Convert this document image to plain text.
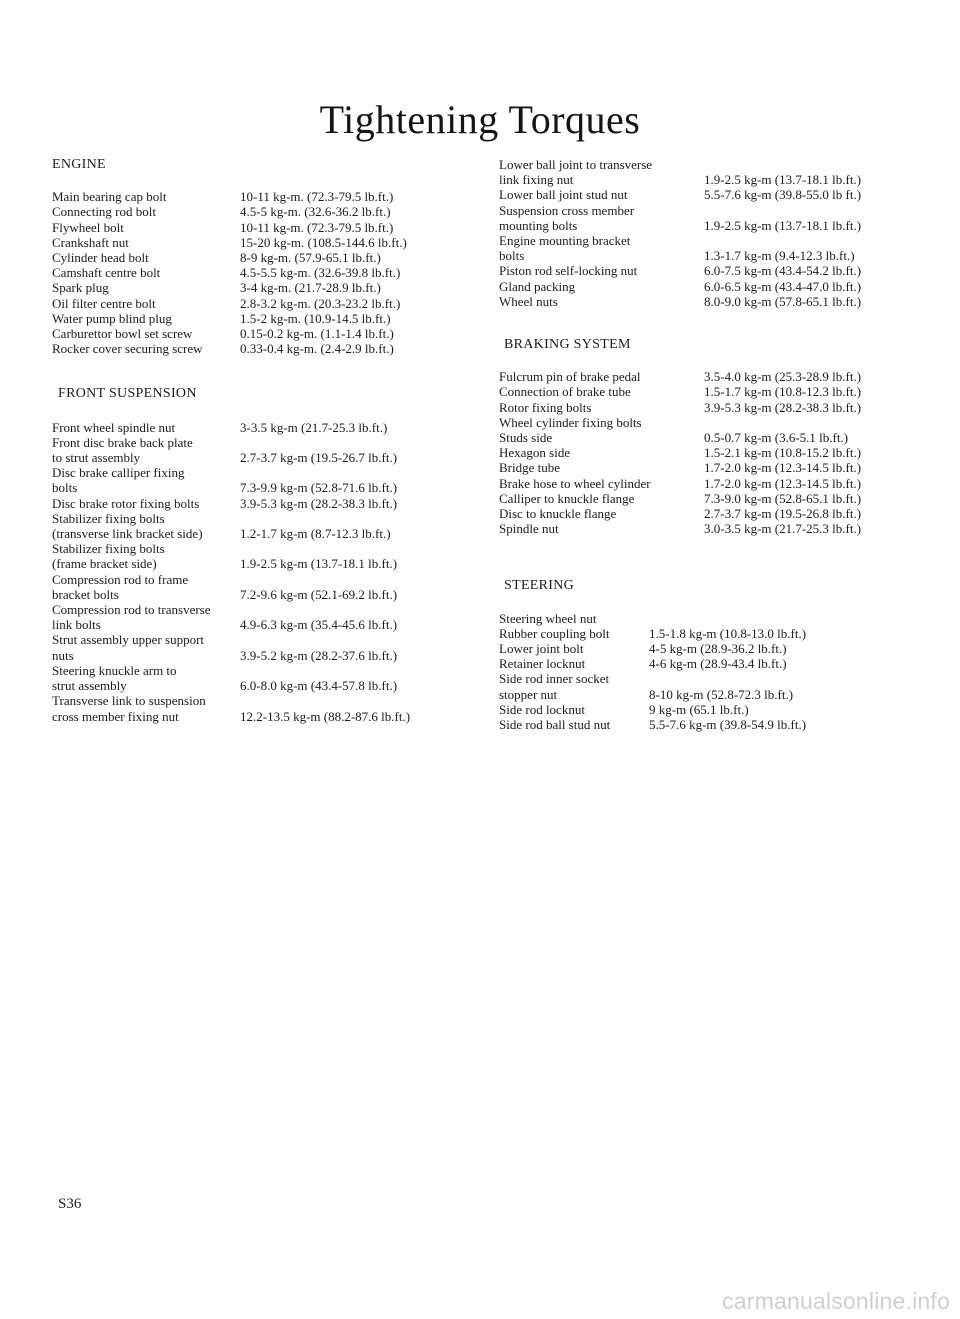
Tightening Torques
ENGINE
Main bearing cap bolt	10-11 kg-m. (72.3-79.5 lb.ft.)
Connecting rod bolt	4.5-5 kg-m. (32.6-36.2 lb.ft.)
Flywheel bolt	10-11 kg-m. (72.3-79.5 lb.ft.)
Crankshaft nut	15-20 kg-m. (108.5-144.6 lb.ft.)
Cylinder head bolt	8-9 kg-m. (57.9-65.1 lb.ft.)
Camshaft centre bolt	4.5-5.5 kg-m. (32.6-39.8 lb.ft.)
Spark plug	3-4 kg-m. (21.7-28.9 lb.ft.)
Oil filter centre bolt	2.8-3.2 kg-m. (20.3-23.2 lb.ft.)
Water pump blind plug	1.5-2 kg-m. (10.9-14.5 lb.ft.)
Carburettor bowl set screw	0.15-0.2 kg-m. (1.1-1.4 lb.ft.)
Rocker cover securing screw	0.33-0.4 kg-m. (2.4-2.9 lb.ft.)
FRONT SUSPENSION
Front wheel spindle nut	3-3.5 kg-m (21.7-25.3 lb.ft.)
Front disc brake back plate
to strut assembly	2.7-3.7 kg-m (19.5-26.7 lb.ft.)
Disc brake calliper fixing
bolts	7.3-9.9 kg-m (52.8-71.6 lb.ft.)
Disc brake rotor fixing bolts	3.9-5.3 kg-m (28.2-38.3 lb.ft.)
Stabilizer fixing bolts
(transverse link bracket side)	1.2-1.7 kg-m (8.7-12.3 lb.ft.)
Stabilizer fixing bolts
(frame bracket side)	1.9-2.5 kg-m (13.7-18.1 lb.ft.)
Compression rod to frame
bracket bolts	7.2-9.6 kg-m (52.1-69.2 lb.ft.)
Compression rod to transverse
link bolts	4.9-6.3 kg-m (35.4-45.6 lb.ft.)
Strut assembly upper support
nuts	3.9-5.2 kg-m (28.2-37.6 lb.ft.)
Steering knuckle arm to
strut assembly	6.0-8.0 kg-m (43.4-57.8 lb.ft.)
Transverse link to suspension
cross member fixing nut	12.2-13.5 kg-m (88.2-87.6 lb.ft.)
Lower ball joint to transverse
link fixing nut	1.9-2.5 kg-m (13.7-18.1 lb.ft.)
Lower ball joint stud nut	5.5-7.6 kg-m (39.8-55.0 lb ft.)
Suspension cross member
mounting bolts	1.9-2.5 kg-m (13.7-18.1 lb.ft.)
Engine mounting bracket
bolts	1.3-1.7 kg-m (9.4-12.3 lb.ft.)
Piston rod self-locking nut	6.0-7.5 kg-m (43.4-54.2 lb.ft.)
Gland packing	6.0-6.5 kg-m (43.4-47.0 lb.ft.)
Wheel nuts	8.0-9.0 kg-m (57.8-65.1 lb.ft.)
BRAKING SYSTEM
Fulcrum pin of brake pedal	3.5-4.0 kg-m (25.3-28.9 lb.ft.)
Connection of brake tube	1.5-1.7 kg-m (10.8-12.3 lb.ft.)
Rotor fixing bolts	3.9-5.3 kg-m (28.2-38.3 lb.ft.)
Wheel cylinder fixing bolts
Studs side	0.5-0.7 kg-m (3.6-5.1 lb.ft.)
Hexagon side	1.5-2.1 kg-m (10.8-15.2 lb.ft.)
Bridge tube	1.7-2.0 kg-m (12.3-14.5 lb.ft.)
Brake hose to wheel cylinder	1.7-2.0 kg-m (12.3-14.5 lb.ft.)
Calliper to knuckle flange	7.3-9.0 kg-m (52.8-65.1 lb.ft.)
Disc to knuckle flange	2.7-3.7 kg-m (19.5-26.8 lb.ft.)
Spindle nut	3.0-3.5 kg-m (21.7-25.3 lb.ft.)
STEERING
Steering wheel nut
Rubber coupling bolt	1.5-1.8 kg-m (10.8-13.0 lb.ft.)
Lower joint bolt	4-5 kg-m (28.9-36.2 lb.ft.)
Retainer locknut	4-6 kg-m (28.9-43.4 lb.ft.)
Side rod inner socket
stopper nut	8-10 kg-m (52.8-72.3 lb.ft.)
Side rod locknut	9 kg-m (65.1 lb.ft.)
Side rod ball stud nut	5.5-7.6 kg-m (39.8-54.9 lb.ft.)
S36
carmanualsonline.info
